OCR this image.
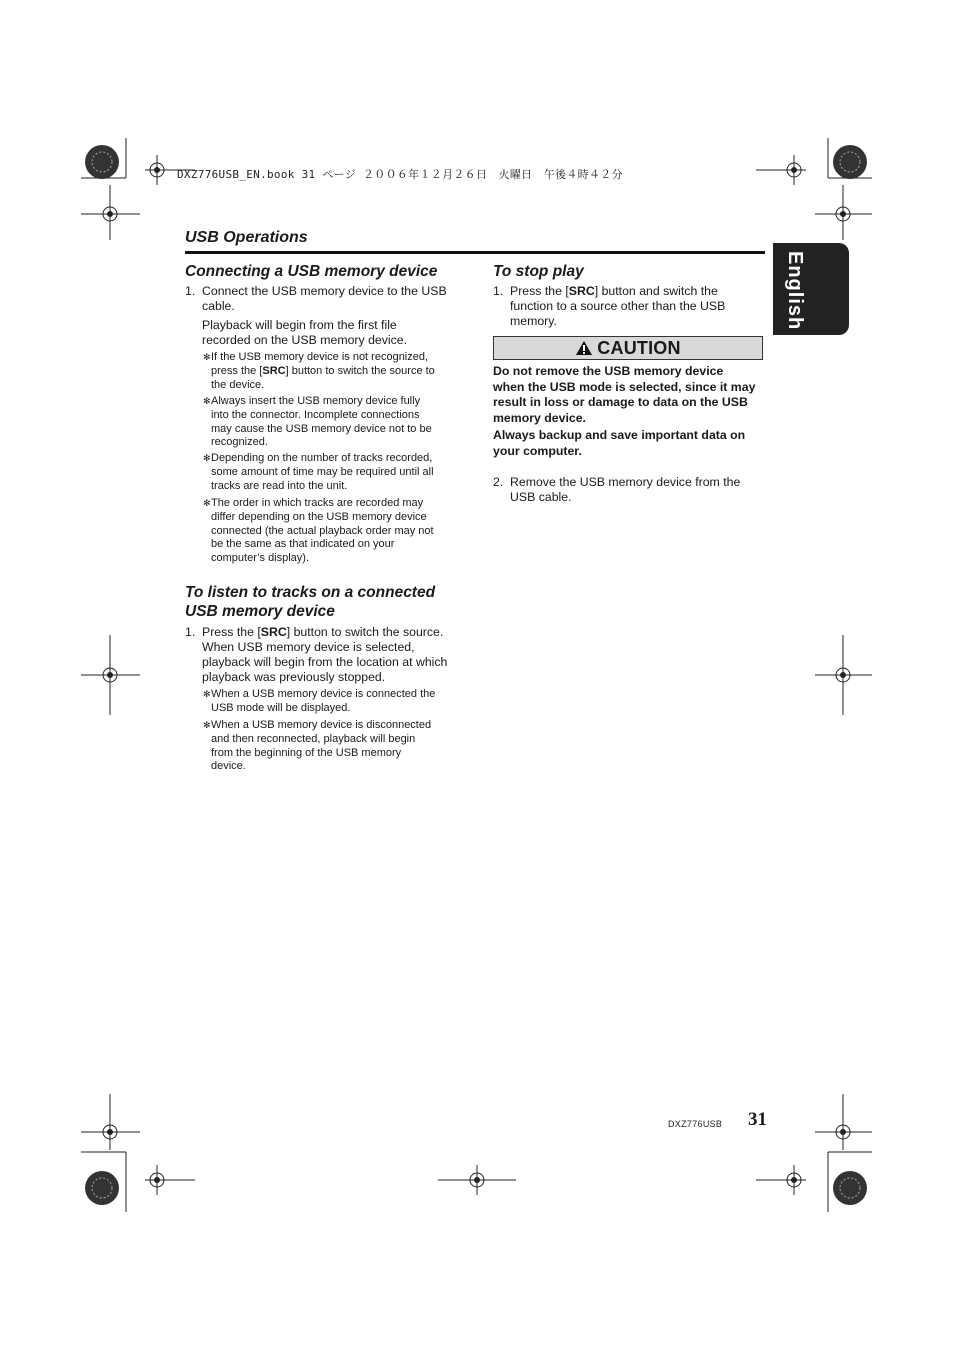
DXZ776USB_EN.book 31 ページ ２００６年１２月２６日　火曜日　午後４時４２分
USB Operations
English
Connecting a USB memory device
1. Connect the USB memory device to the USB
cable.
Playback will begin from the first file
recorded on the USB memory device.
✻ If the USB memory device is not recognized,
press the [SRC] button to switch the source to
the device.
✻ Always insert the USB memory device fully
into the connector. Incomplete connections
may cause the USB memory device not to be
recognized.
✻ Depending on the number of tracks recorded,
some amount of time may be required until all
tracks are read into the unit.
✻ The order in which tracks are recorded may
differ depending on the USB memory device
connected (the actual playback order may not
be the same as that indicated on your
computer’s display).
To listen to tracks on a connected
USB memory device
1. Press the [SRC] button to switch the source.
When USB memory device is selected,
playback will begin from the location at which
playback was previously stopped.
✻ When a USB memory device is connected the
USB mode will be displayed.
✻ When a USB memory device is disconnected
and then reconnected, playback will begin
from the beginning of the USB memory
device.
To stop play
1. Press the [SRC] button and switch the
function to a source other than the USB
memory.
CAUTION
Do not remove the USB memory device
when the USB mode is selected, since it may
result in loss or damage to data on the USB
memory device.
Always backup and save important data on
your computer.
2. Remove the USB memory device from the
USB cable.
DXZ776USB 31
